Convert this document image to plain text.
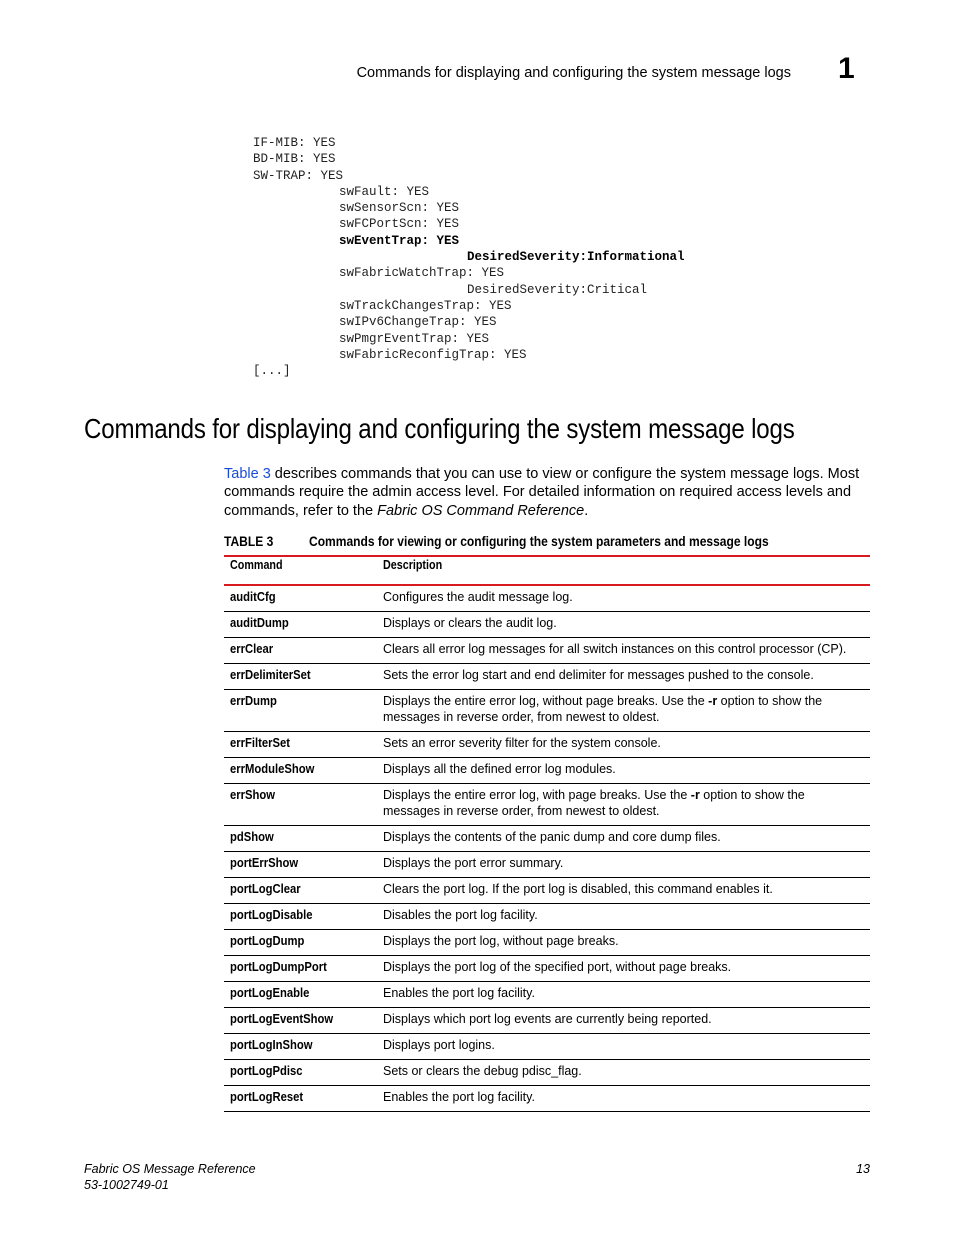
Commands for displaying and configuring the system message logs 1
IF-MIB: YES
BD-MIB: YES
SW-TRAP: YES
swFault: YES
swSensorScn: YES
swFCPortScn: YES
swEventTrap: YES
DesiredSeverity:Informational
swFabricWatchTrap: YES
DesiredSeverity:Critical
swTrackChangesTrap: YES
swIPv6ChangeTrap: YES
swPmgrEventTrap: YES
swFabricReconfigTrap: YES
[...]
Commands for displaying and configuring the system message logs

Table 3 describes commands that you can use to view or configure the system message logs. Most commands require the admin access level. For detailed information on required access levels and commands, refer to the Fabric OS Command Reference.

TABLE 3	Commands for viewing or configuring the system parameters and message logs
Command	Description
auditCfg	Configures the audit message log.
auditDump	Displays or clears the audit log.
errClear	Clears all error log messages for all switch instances on this control processor (CP).
errDelimiterSet	Sets the error log start and end delimiter for messages pushed to the console.
errDump	Displays the entire error log, without page breaks. Use the -r option to show the messages in reverse order, from newest to oldest.
errFilterSet	Sets an error severity filter for the system console.
errModuleShow	Displays all the defined error log modules.
errShow	Displays the entire error log, with page breaks. Use the -r option to show the messages in reverse order, from newest to oldest.
pdShow	Displays the contents of the panic dump and core dump files.
portErrShow	Displays the port error summary.
portLogClear	Clears the port log. If the port log is disabled, this command enables it.
portLogDisable	Disables the port log facility.
portLogDump	Displays the port log, without page breaks.
portLogDumpPort	Displays the port log of the specified port, without page breaks.
portLogEnable	Enables the port log facility.
portLogEventShow	Displays which port log events are currently being reported.
portLogInShow	Displays port logins.
portLogPdisc	Sets or clears the debug pdisc_flag.
portLogReset	Enables the port log facility.
Fabric OS Message Reference
53-1002749-01
13
